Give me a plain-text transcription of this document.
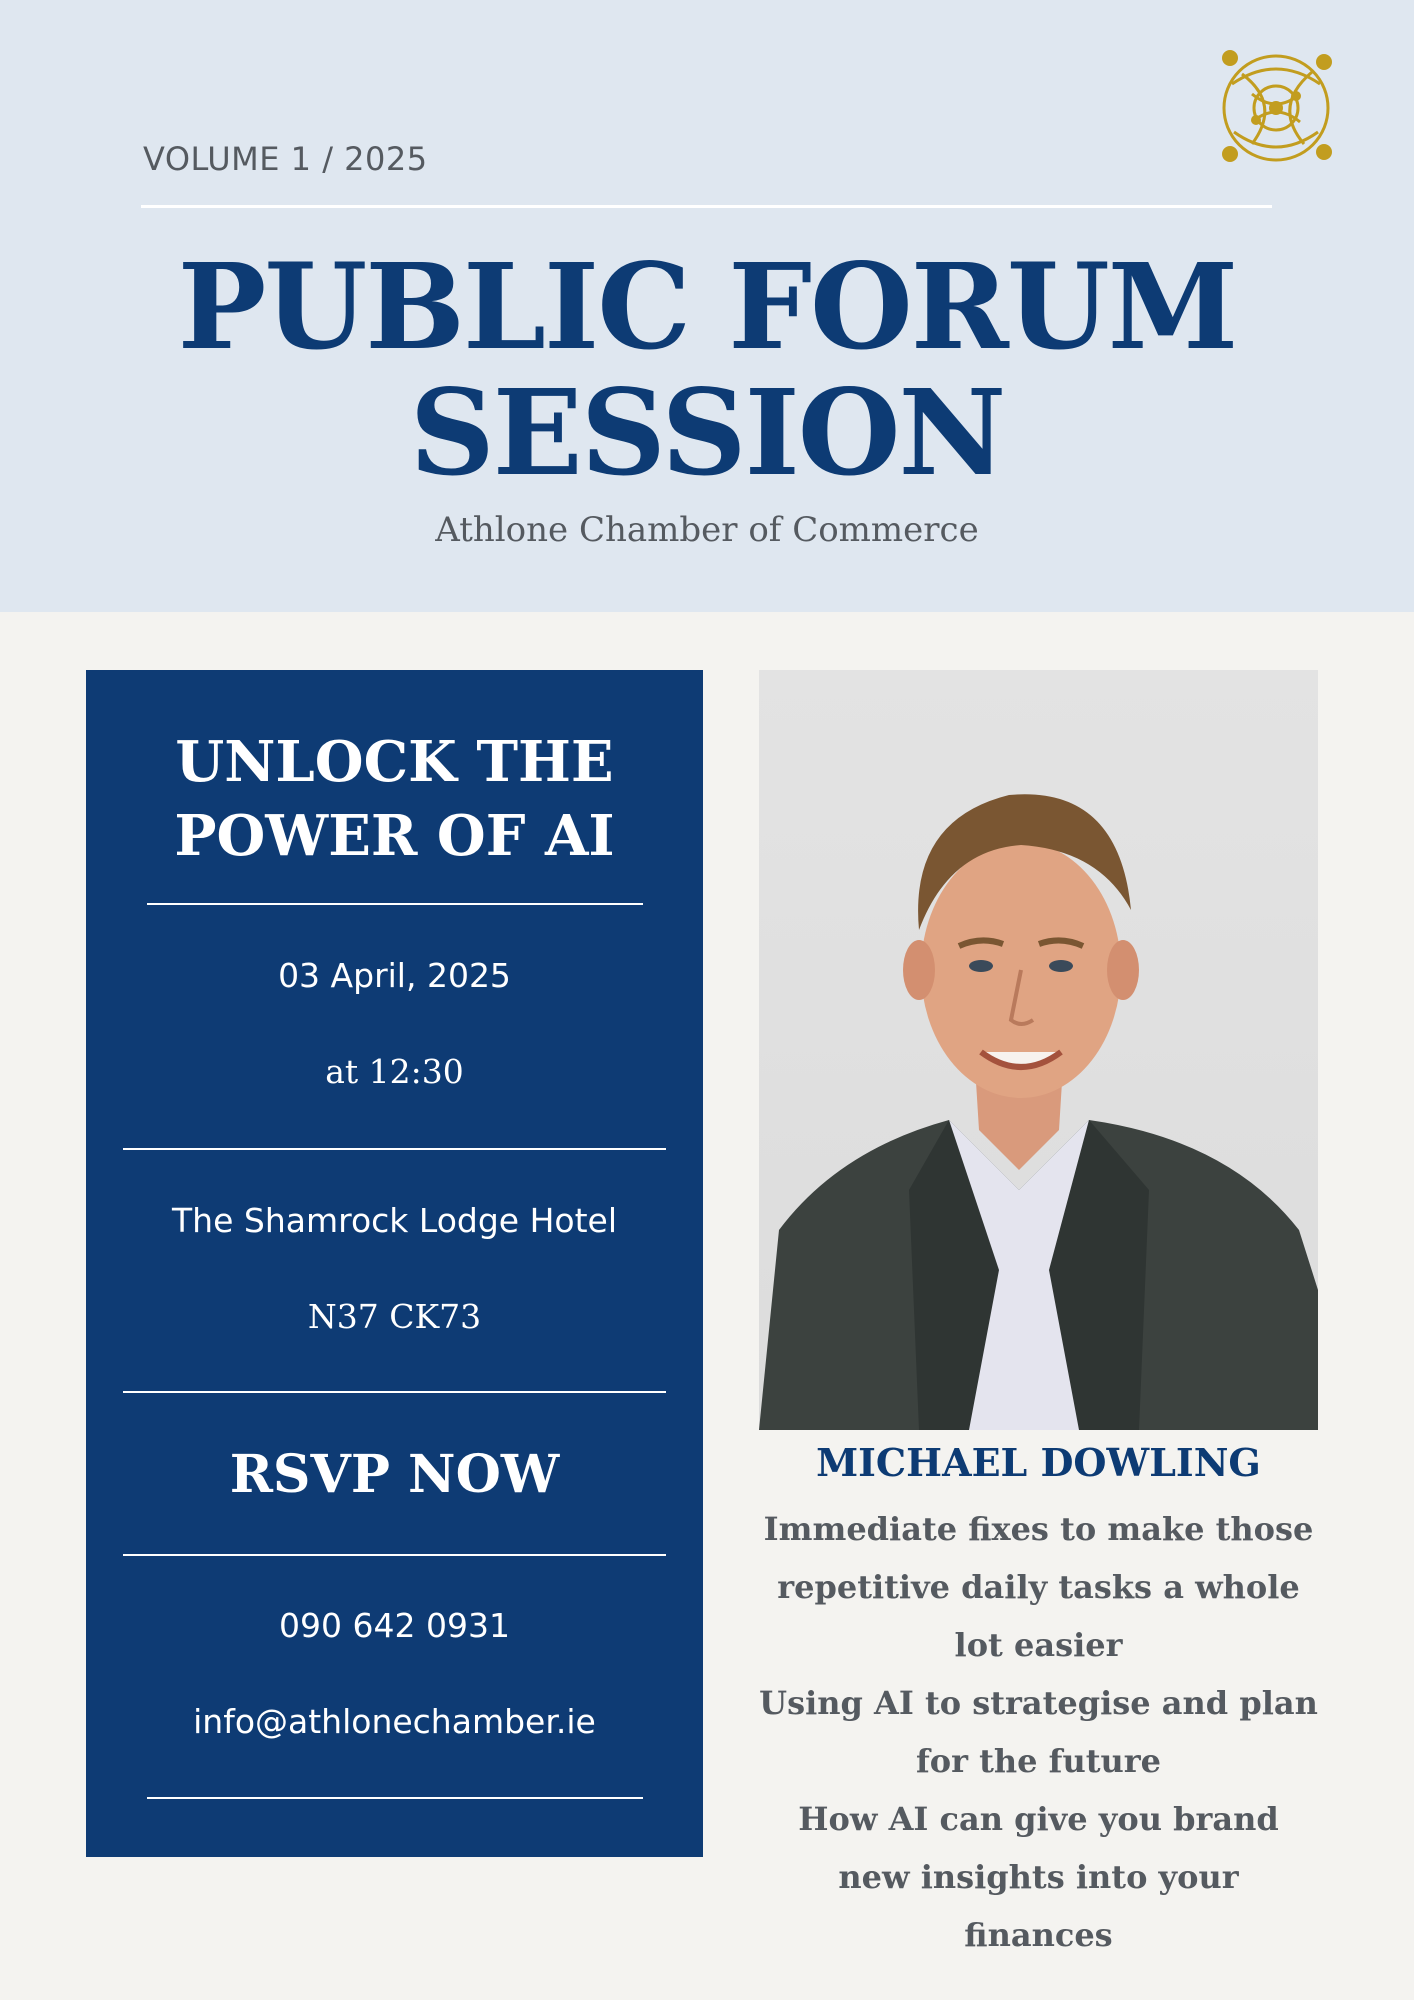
VOLUME 1 / 2025
PUBLIC FORUM
SESSION
Athlone Chamber of Commerce
UNLOCK THE
POWER OF AI
03 April, 2025
at 12:30
The Shamrock Lodge Hotel
N37 CK73
RSVP NOW
090 642 0931
info@athlonechamber.ie
MICHAEL DOWLING
Immediate fixes to make those repetitive daily tasks a whole lot easier
Using AI to strategise and plan for the future
How AI can give you brand new insights into your finances
